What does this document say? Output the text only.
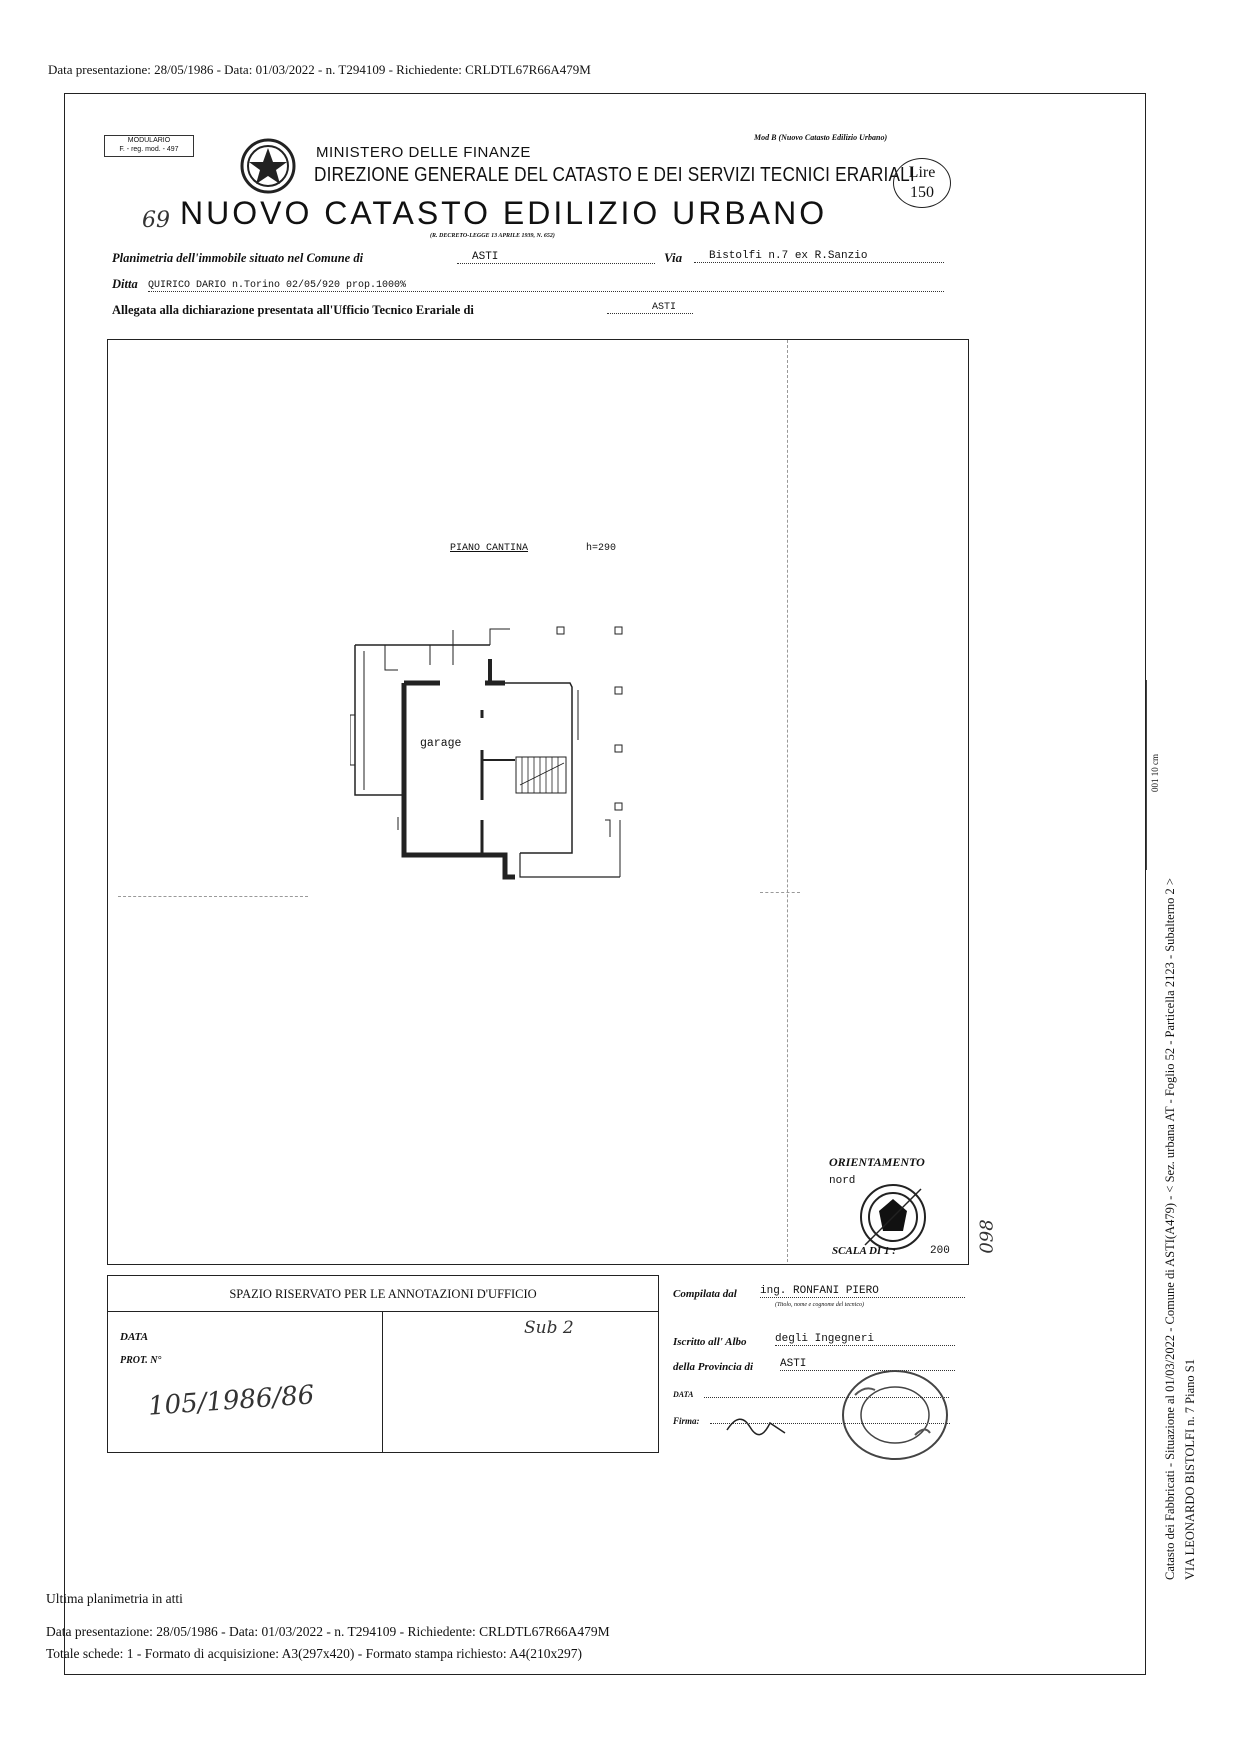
Data presentazione: 28/05/1986 - Data: 01/03/2022 - n. T294109 - Richiedente: CRLDTL67R66A479M
MODULARIO
F. - reg. mod. - 497	MINISTERO DELLE FINANZE
DIREZIONE GENERALE DEL CATASTO E DEI SERVIZI TECNICI ERARIALI
Mod B (Nuovo Catasto Edilizio Urbano)
Lire
150
69 NUOVO CATASTO EDILIZIO URBANO
(R. DECRETO-LEGGE 13 APRILE 1939, N. 652)
Planimetria dell'immobile situato nel Comune di	ASTI	Via	Bistolfi n.7 ex R.Sanzio
Ditta QUIRICO DARIO n.Torino 02/05/920 prop.1000%
Allegata alla dichiarazione presentata all'Ufficio Tecnico Erariale di	ASTI
PIANO CANTINA	h=290
garage
ORIENTAMENTO
nord
SCALA DI 1 :	200 098
SPAZIO RISERVATO PER LE ANNOTAZIONI D'UFFICIO
DATA
PROT. N°
105/1986/86
Sub 2
Compilata dal ing. RONFANI PIERO
(Titolo, nome e cognome del tecnico)
Iscritto all' Albo	degli Ingegneri
della Provincia di ASTI
DATA
Firma:	Catasto dei Fabbricati - Situazione al 01/03/2022 - Comune di ASTI(A479) - < Sez. urbana AT - Foglio 52 - Particella 2123 - Subalterno 2 > VIA LEONARDO BISTOLFI n. 7 Piano S1
001 10 cm
Ultima planimetria in atti
Data presentazione: 28/05/1986 - Data: 01/03/2022 - n. T294109 - Richiedente: CRLDTL67R66A479M
Totale schede: 1 - Formato di acquisizione: A3(297x420) - Formato stampa richiesto: A4(210x297)
